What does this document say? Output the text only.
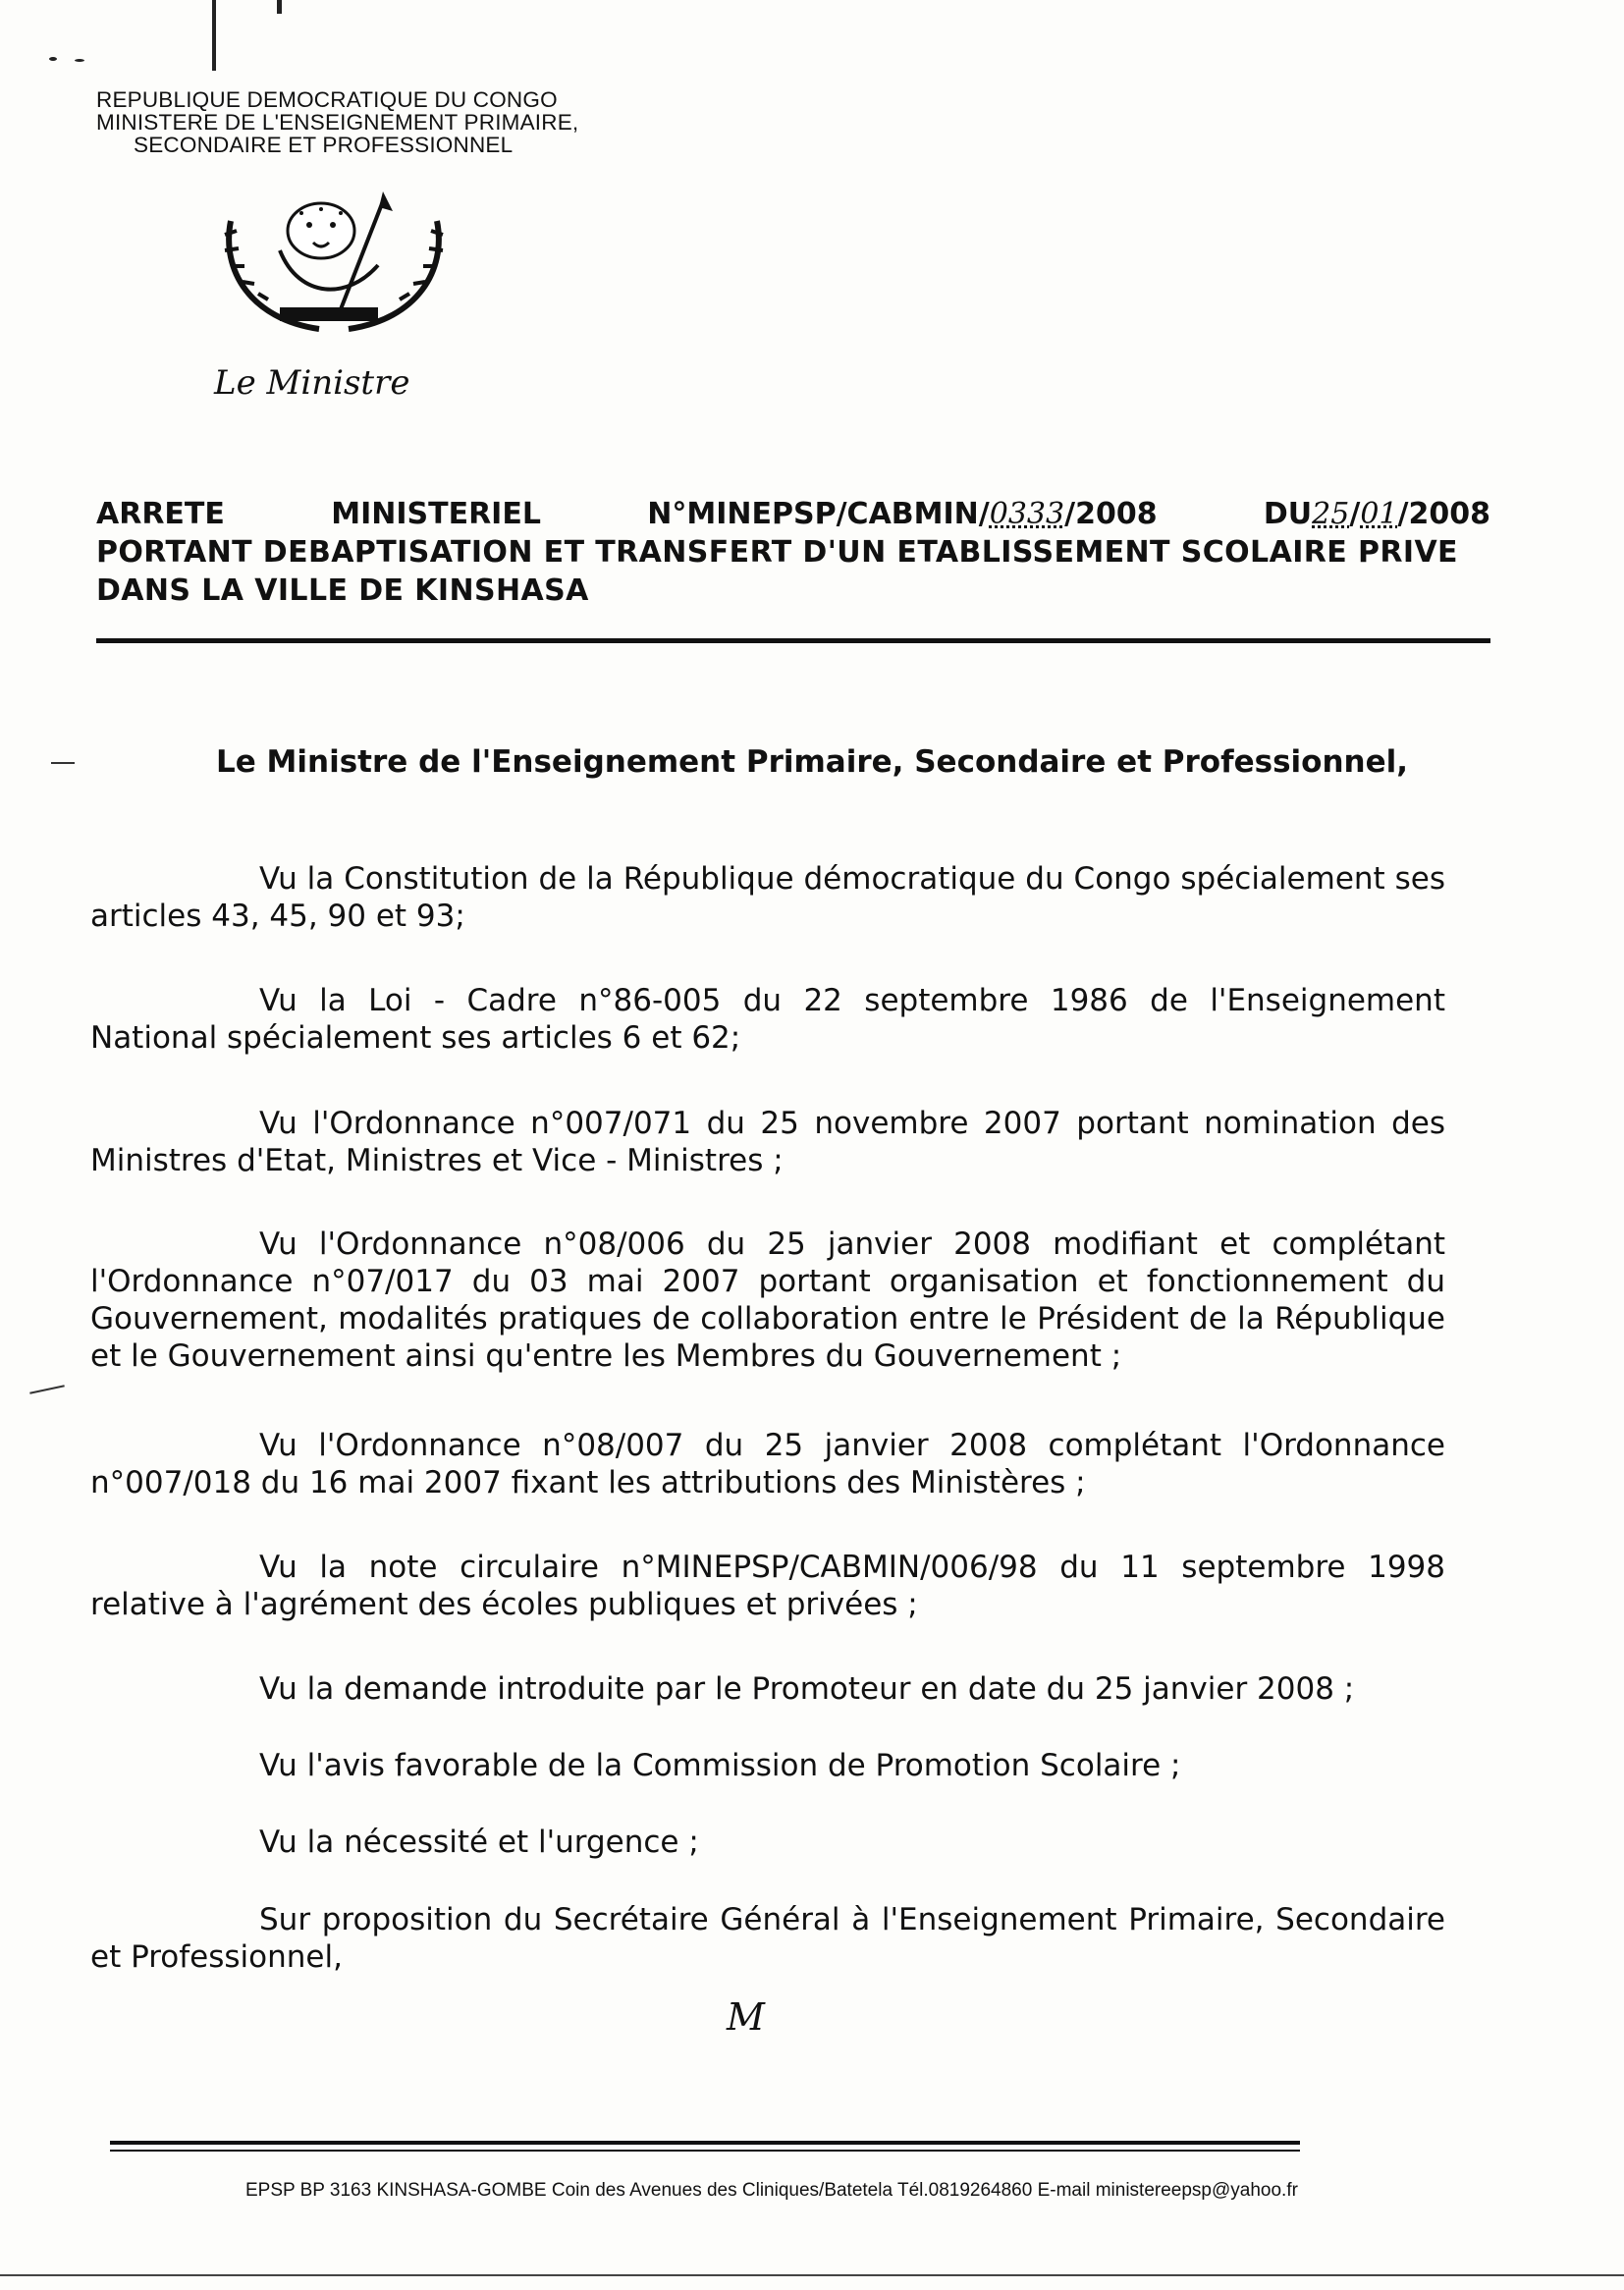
REPUBLIQUE DEMOCRATIQUE DU CONGO
MINISTERE DE L'ENSEIGNEMENT PRIMAIRE,
SECONDAIRE ET PROFESSIONNEL
Le Ministre
ARRETE	MINISTERIEL	N°MINEPSP/CABMIN/0333/2008	DU25/01/2008
PORTANT DEBAPTISATION ET TRANSFERT D'UN ETABLISSEMENT SCOLAIRE PRIVE
DANS LA VILLE DE KINSHASA
Le Ministre de l'Enseignement Primaire, Secondaire et Professionnel,
Vu la Constitution de la République démocratique du Congo spécialement ses articles 43, 45, 90 et 93;
Vu la Loi - Cadre n°86-005 du 22 septembre 1986 de l'Enseignement National spécialement ses articles 6 et 62;
Vu l'Ordonnance n°007/071 du 25 novembre 2007 portant nomination des Ministres d'Etat, Ministres et Vice - Ministres ;
Vu l'Ordonnance n°08/006 du 25 janvier 2008 modifiant et complétant l'Ordonnance n°07/017 du 03 mai 2007 portant organisation et fonctionnement du Gouvernement, modalités pratiques de collaboration entre le Président de la République et le Gouvernement ainsi qu'entre les Membres du Gouvernement ;
Vu l'Ordonnance n°08/007 du 25 janvier 2008 complétant l'Ordonnance n°007/018 du 16 mai 2007 fixant les attributions des Ministères ;
Vu la note circulaire n°MINEPSP/CABMIN/006/98 du 11 septembre 1998 relative à l'agrément des écoles publiques et privées ;
Vu la demande introduite par le Promoteur en date du 25 janvier 2008 ;
Vu l'avis favorable de la Commission de Promotion Scolaire ;
Vu la nécessité et l'urgence ;
Sur proposition du Secrétaire Général à l'Enseignement Primaire, Secondaire et Professionnel,
M
EPSP BP 3163 KINSHASA-GOMBE Coin des Avenues des Cliniques/Batetela Tél.0819264860 E-mail ministereepsp@yahoo.fr
